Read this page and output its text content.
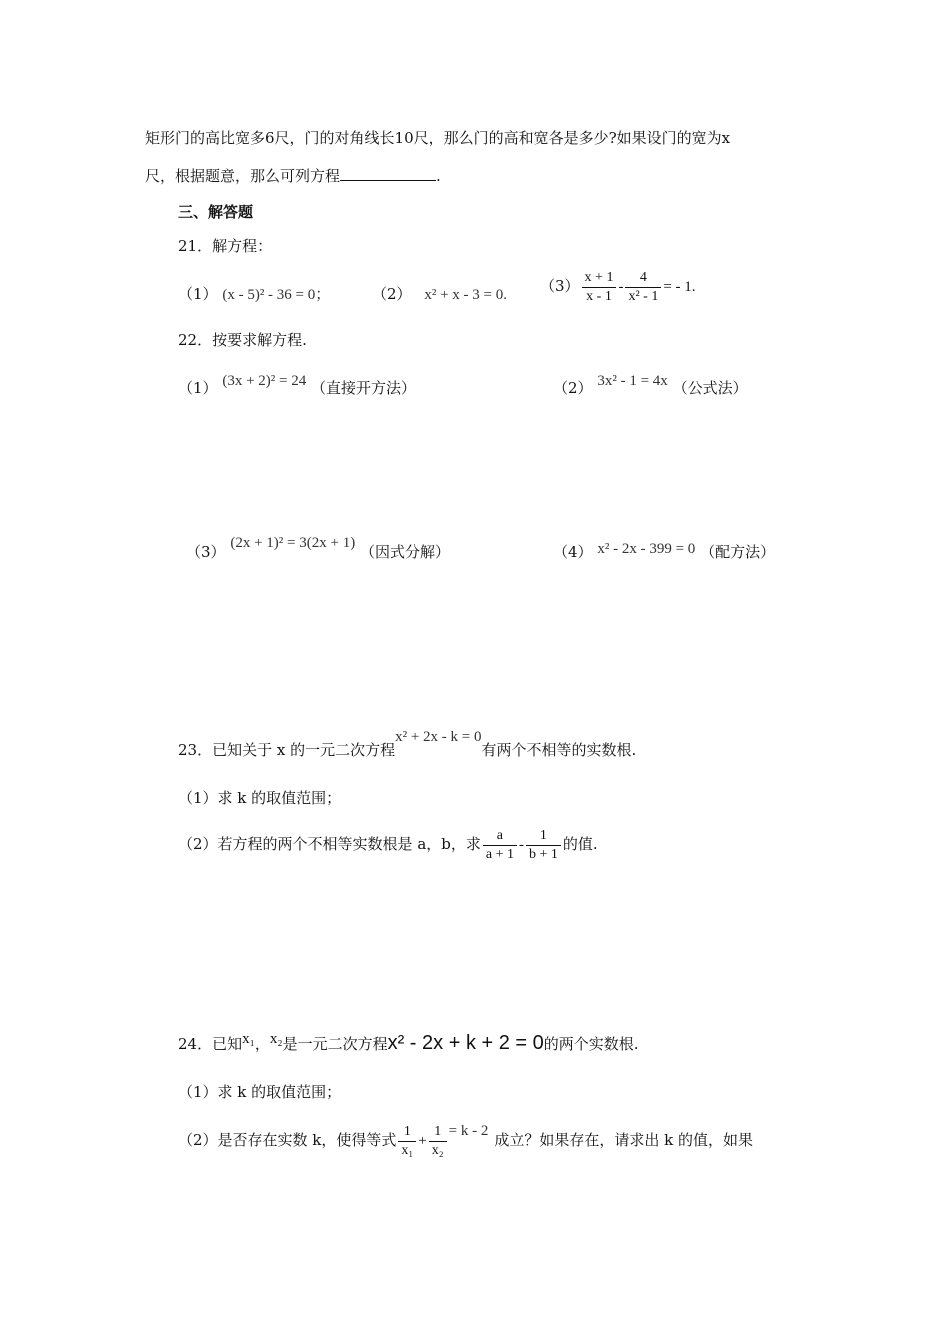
矩形门的高比宽多6尺，门的对角线长10尺，那么门的高和宽各是多少?如果设门的宽为x
尺，根据题意，那么可列方程	.
三、解答题
21．解方程：
（1） (x - 5)² - 36 = 0；	（2） x² + x - 3 = 0. $(3) \frac{x + 1}{x - 1} - \frac{4}{\text{x² - 1}}$ = - 1.
22．按要求解方程.
（1） (3x + 2)² = 24 （直接开方法）	（2） 3x² - 1 = 4x （公式法）
（3） (2x + 1)² = 3(2x + 1) （因式分解）	（4） x² - 2x - 399 = 0 （配方法）
23．已知关于 x 的一元二次方程x² + 2x - k = 0有两个不相等的实数根.
（1）求 k 的取值范围；
（2）若方程的两个不相等实数根是 a，b，求 $\frac{a}{a + 1} - \frac{1}{b + 1}$ 的值.
24．已知x₁，x₂是一元二次方程x² - 2x + k + 2 = 0的两个实数根.
（1）求 k 的取值范围；
（2）是否存在实数 k，使得等式 $\frac{1}{\text{x₁}} + \frac{1}{\text{x₂}} = k - 2$ 成立？如果存在，请求出 k 的值，如果
